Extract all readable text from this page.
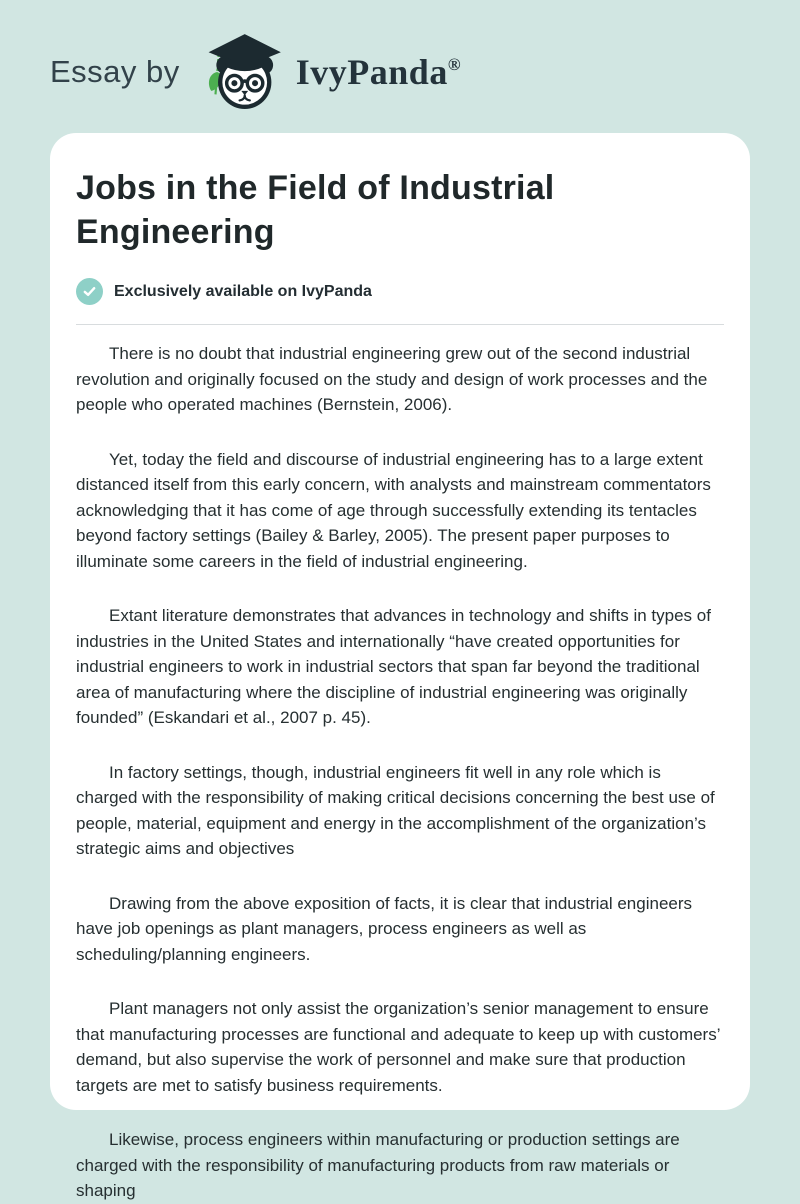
Essay by	IvyPanda®
Jobs in the Field of Industrial Engineering
Exclusively available on IvyPanda

There is no doubt that industrial engineering grew out of the second industrial revolution and originally focused on the study and design of work processes and the people who operated machines (Bernstein, 2006).

Yet, today the field and discourse of industrial engineering has to a large extent distanced itself from this early concern, with analysts and mainstream commentators acknowledging that it has come of age through successfully extending its tentacles beyond factory settings (Bailey & Barley, 2005). The present paper purposes to illuminate some careers in the field of industrial engineering.

Extant literature demonstrates that advances in technology and shifts in types of industries in the United States and internationally “have created opportunities for industrial engineers to work in industrial sectors that span far beyond the traditional area of manufacturing where the discipline of industrial engineering was originally founded” (Eskandari et al., 2007 p. 45).

In factory settings, though, industrial engineers fit well in any role which is charged with the responsibility of making critical decisions concerning the best use of people, material, equipment and energy in the accomplishment of the organization’s strategic aims and objectives

Drawing from the above exposition of facts, it is clear that industrial engineers have job openings as plant managers, process engineers as well as scheduling/planning engineers.

Plant managers not only assist the organization’s senior management to ensure that manufacturing processes are functional and adequate to keep up with customers’ demand, but also supervise the work of personnel and make sure that production targets are met to satisfy business requirements.

Likewise, process engineers within manufacturing or production settings are charged with the responsibility of manufacturing products from raw materials or shaping
